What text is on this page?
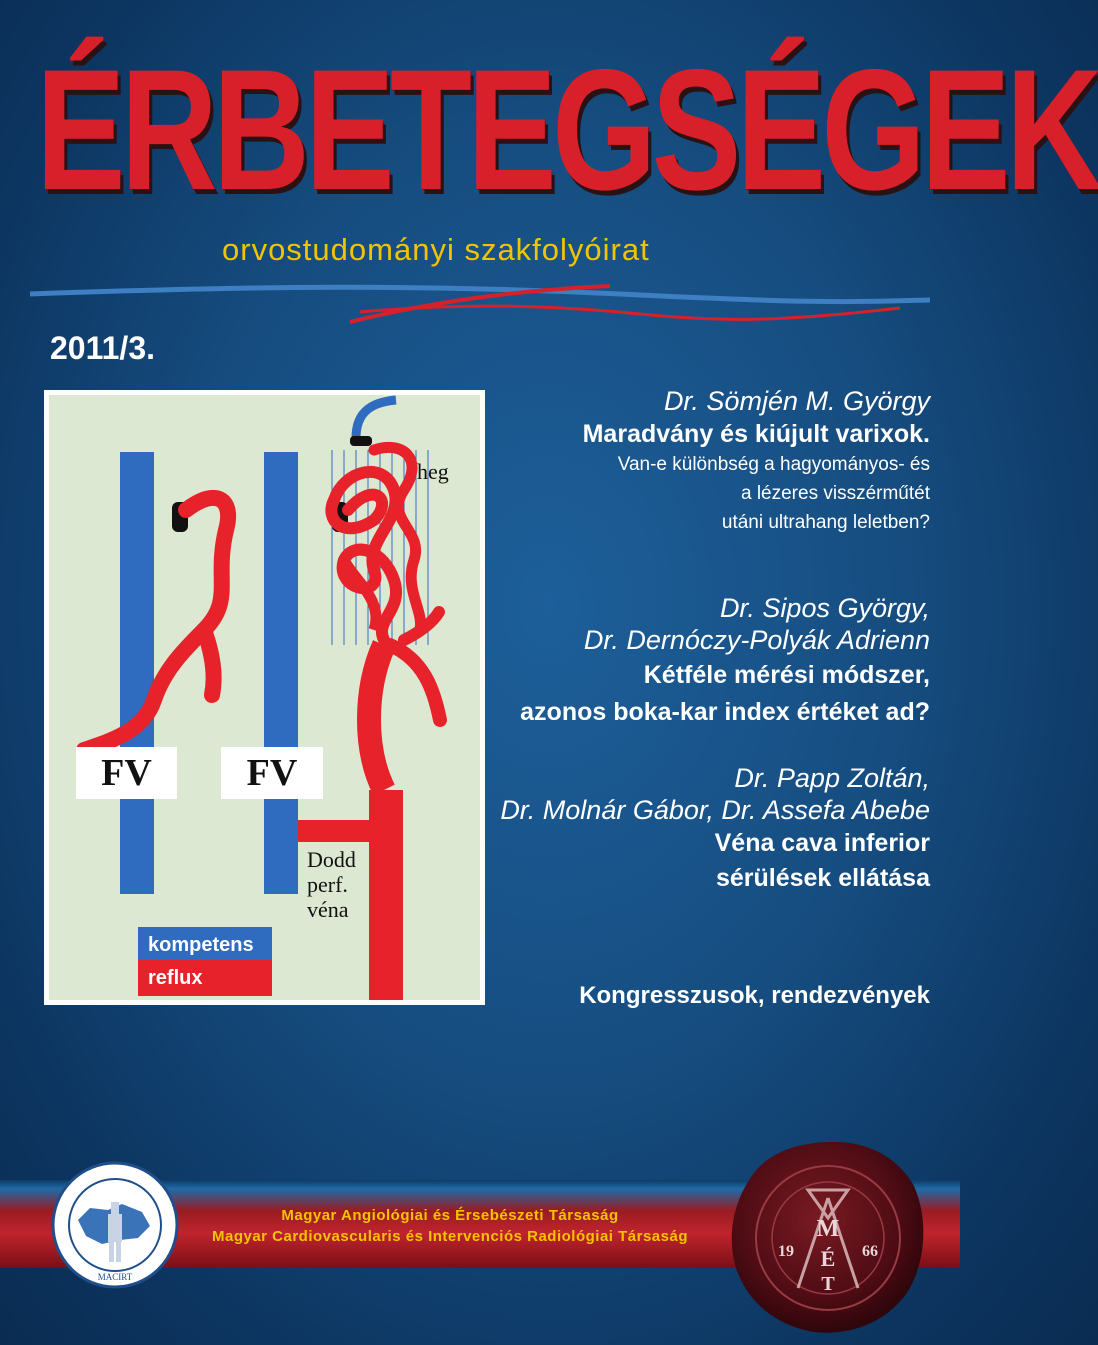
ÉRBETEGSÉGEK
orvostudományi szakfolyóirat
2011/3.
FV	FV
heg
Dodd
perf.
véna
kompetens
reflux
Dr. Sömjén M. György
Maradvány és kiújult varixok.
Van-e különbség a hagyományos- és
a lézeres visszérműtét
utáni ultrahang leletben?
Dr. Sipos György,
Dr. Dernóczy-Polyák Adrienn
Kétféle mérési módszer,
azonos boka-kar index értéket ad?
Dr. Papp Zoltán,
Dr. Molnár Gábor, Dr. Assefa Abebe
Véna cava inferior
sérülések ellátása
Kongresszusok, rendezvények
Magyar Angiológiai és Érsebészeti Társaság
Magyar Cardiovascularis és Intervenciós Radiológiai Társaság
MACIRT
M
É
T
19	66
